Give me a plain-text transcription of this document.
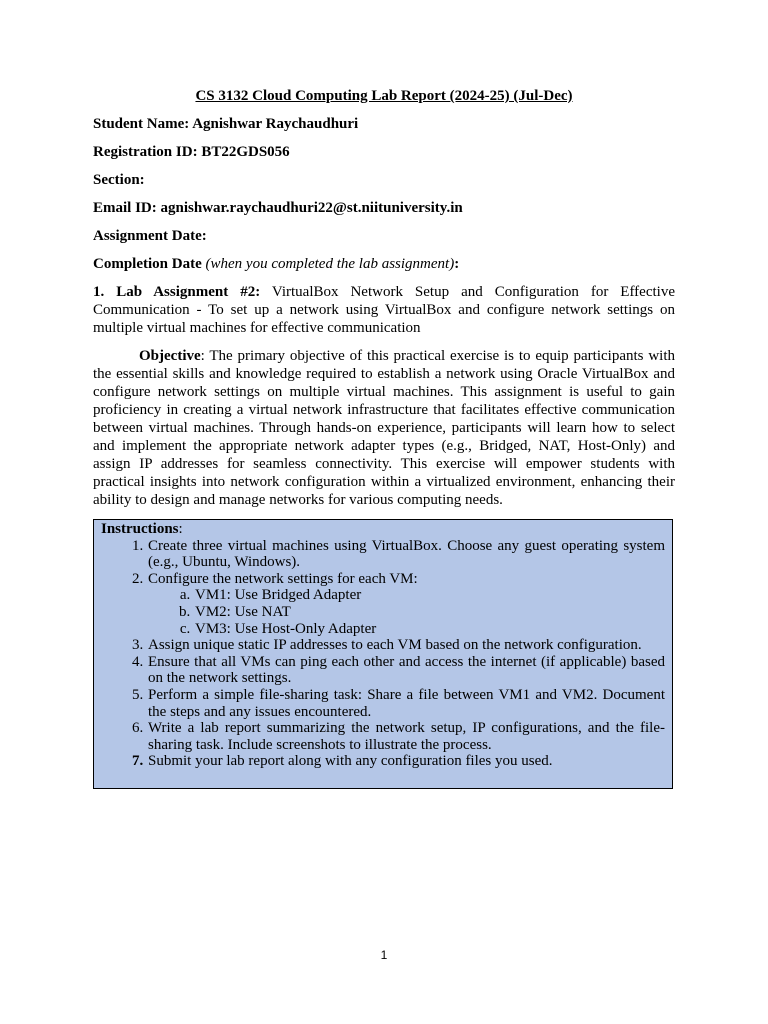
CS 3132 Cloud Computing Lab Report (2024-25) (Jul-Dec)

Student Name: Agnishwar Raychaudhuri

Registration ID: BT22GDS056

Section:

Email ID: agnishwar.raychaudhuri22@st.niituniversity.in

Assignment Date:

Completion Date (when you completed the lab assignment):

1. Lab Assignment #2: VirtualBox Network Setup and Configuration for Effective Communication - To set up a network using VirtualBox and configure network settings on multiple virtual machines for effective communication

Objective: The primary objective of this practical exercise is to equip participants with the essential skills and knowledge required to establish a network using Oracle VirtualBox and configure network settings on multiple virtual machines. This assignment is useful to gain proficiency in creating a virtual network infrastructure that facilitates effective communication between virtual machines. Through hands-on experience, participants will learn how to select and implement the appropriate network adapter types (e.g., Bridged, NAT, Host-Only) and assign IP addresses for seamless connectivity. This exercise will empower students with practical insights into network configuration within a virtualized environment, enhancing their ability to design and manage networks for various computing needs.

Instructions:
1. Create three virtual machines using VirtualBox. Choose any guest operating system (e.g., Ubuntu, Windows).
2. Configure the network settings for each VM:
a. VM1: Use Bridged Adapter
b. VM2: Use NAT
c. VM3: Use Host-Only Adapter
3. Assign unique static IP addresses to each VM based on the network configuration.
4. Ensure that all VMs can ping each other and access the internet (if applicable) based on the network settings.
5. Perform a simple file-sharing task: Share a file between VM1 and VM2. Document the steps and any issues encountered.
6. Write a lab report summarizing the network setup, IP configurations, and the file-sharing task. Include screenshots to illustrate the process.
7. Submit your lab report along with any configuration files you used.
1
